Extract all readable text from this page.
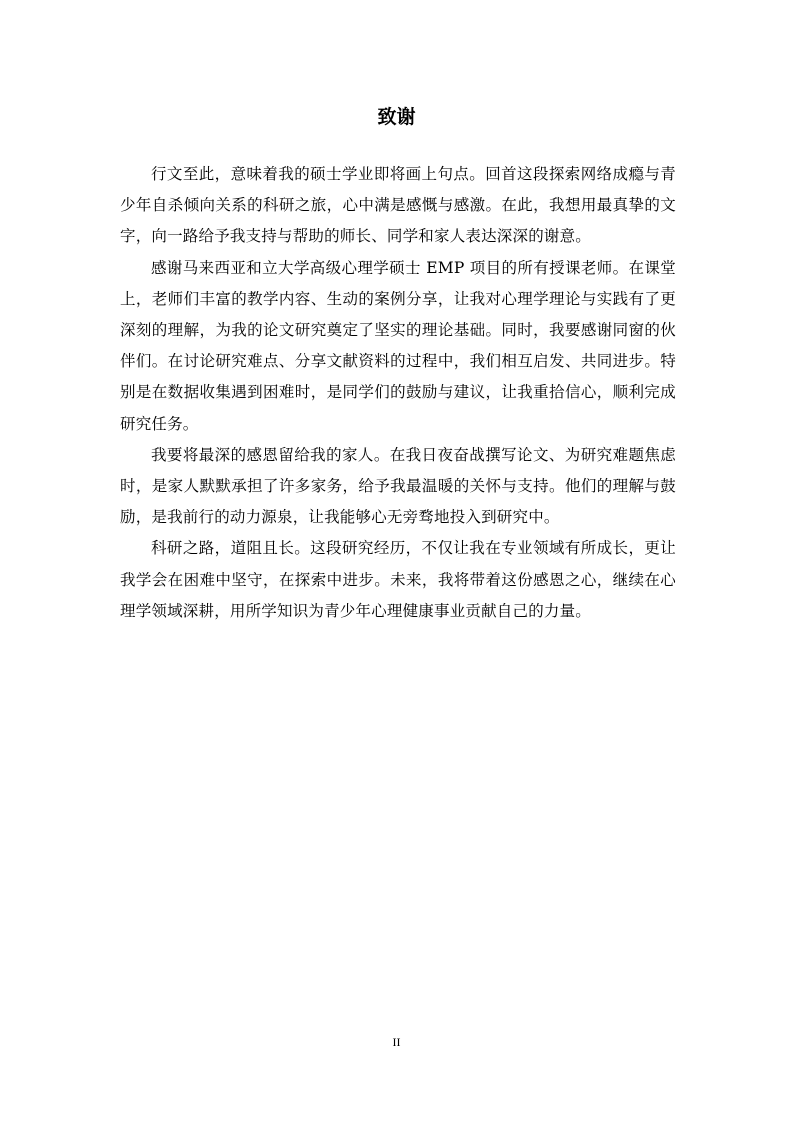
致谢

行文至此，意味着我的硕士学业即将画上句点。回首这段探索网络成瘾与青少年自杀倾向关系的科研之旅，心中满是感慨与感激。在此，我想用最真挚的文字，向一路给予我支持与帮助的师长、同学和家人表达深深的谢意。

感谢马来西亚和立大学高级心理学硕士 EMP 项目的所有授课老师。在课堂上，老师们丰富的教学内容、生动的案例分享，让我对心理学理论与实践有了更深刻的理解，为我的论文研究奠定了坚实的理论基础。同时，我要感谢同窗的伙伴们。在讨论研究难点、分享文献资料的过程中，我们相互启发、共同进步。特别是在数据收集遇到困难时，是同学们的鼓励与建议，让我重拾信心，顺利完成研究任务。

我要将最深的感恩留给我的家人。在我日夜奋战撰写论文、为研究难题焦虑时，是家人默默承担了许多家务，给予我最温暖的关怀与支持。他们的理解与鼓励，是我前行的动力源泉，让我能够心无旁骛地投入到研究中。

科研之路，道阻且长。这段研究经历，不仅让我在专业领域有所成长，更让我学会在困难中坚守，在探索中进步。未来，我将带着这份感恩之心，继续在心理学领域深耕，用所学知识为青少年心理健康事业贡献自己的力量。

II
